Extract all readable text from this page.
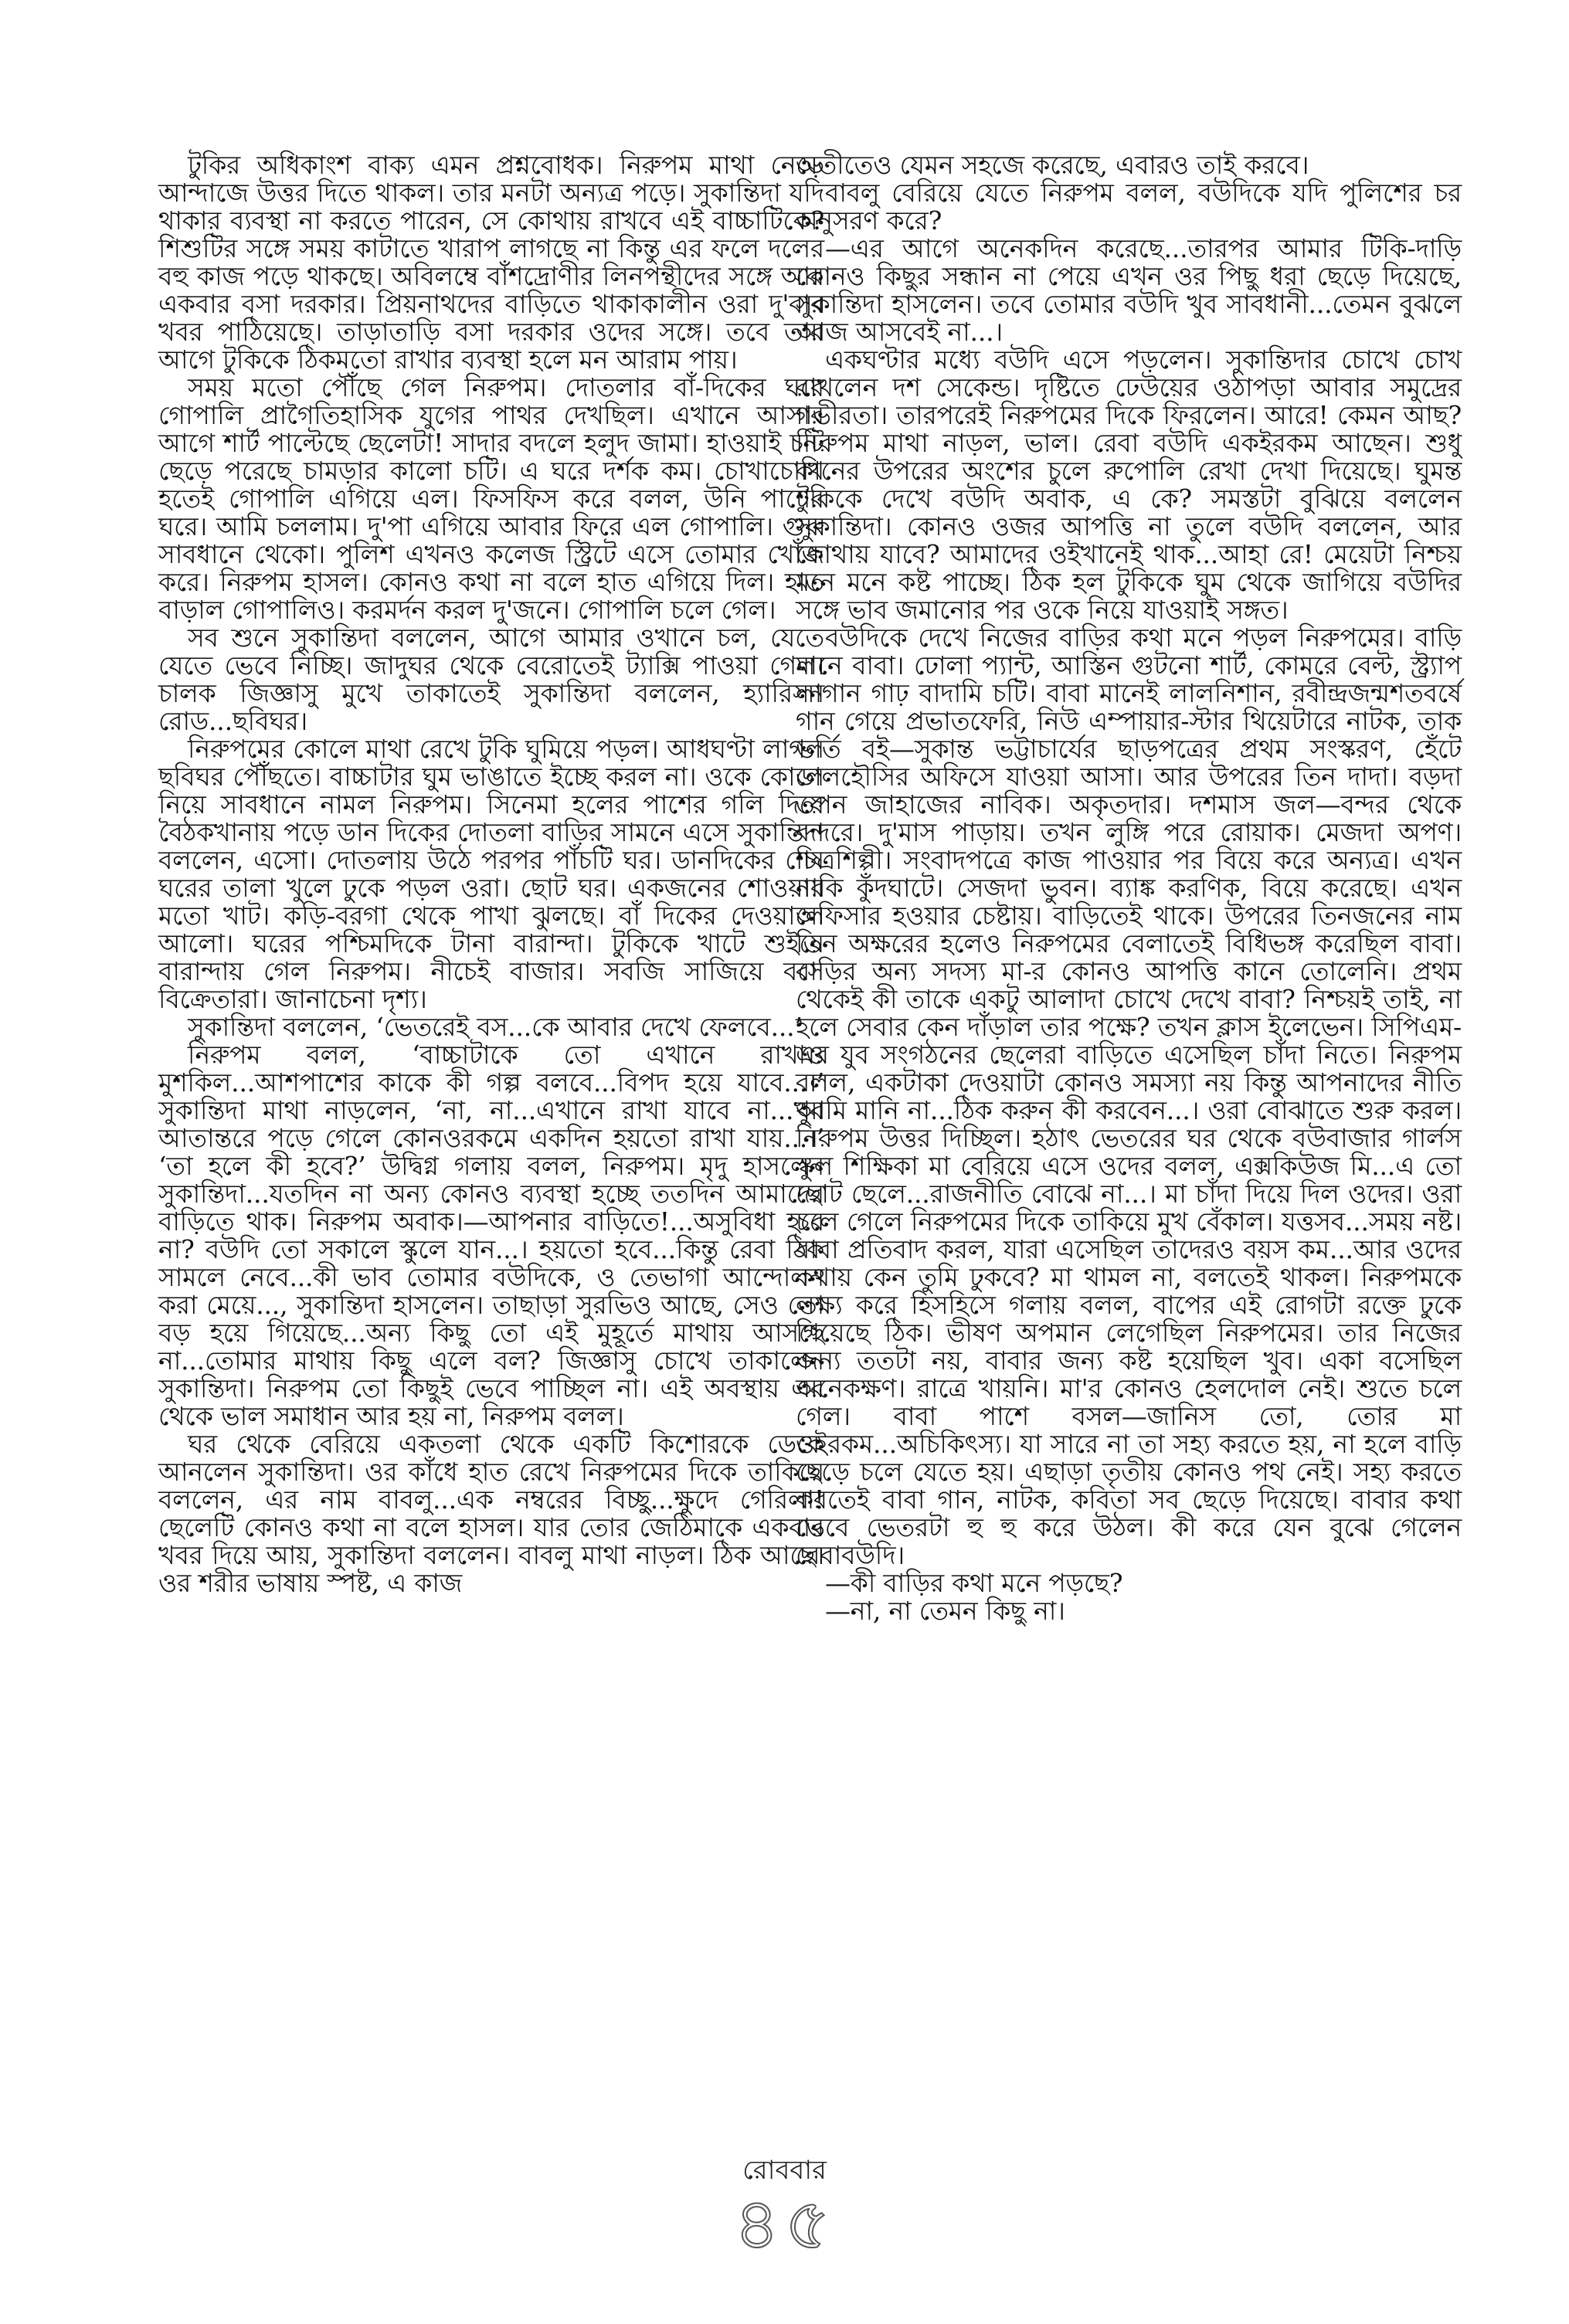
টুকির অধিকাংশ বাক্য এমন প্রশ্নবোধক। নিরুপম মাথা নেড়ে আন্দাজে উত্তর দিতে থাকল। তার মনটা অন্যত্র পড়ে। সুকান্তিদা যদি থাকার ব্যবস্থা না করতে পারেন, সে কোথায় রাখবে এই বাচ্চাটিকে? শিশুটির সঙ্গে সময় কাটাতে খারাপ লাগছে না কিন্তু এর ফলে দলের বহু কাজ পড়ে থাকছে। অবিলম্বে বাঁশদ্রোণীর লিনপন্থীদের সঙ্গে আর একবার বসা দরকার। প্রিয়নাথদের বাড়িতে থাকাকালীন ওরা দু'বার খবর পাঠিয়েছে। তাড়াতাড়ি বসা দরকার ওদের সঙ্গে। তবে তার আগে টুকিকে ঠিকমতো রাখার ব্যবস্থা হলে মন আরাম পায়।

সময় মতো পৌঁছে গেল নিরুপম। দোতলার বাঁ-দিকের ঘরে গোপালি প্রাগৈতিহাসিক যুগের পাথর দেখছিল। এখানে আসার আগে শার্ট পাল্টেছে ছেলেটা! সাদার বদলে হলুদ জামা। হাওয়াই চটি ছেড়ে পরেছে চামড়ার কালো চটি। এ ঘরে দর্শক কম। চোখাচোখি হতেই গোপালি এগিয়ে এল। ফিসফিস করে বলল, উনি পাশের ঘরে। আমি চললাম। দু'পা এগিয়ে আবার ফিরে এল গোপালি। গুরু সাবধানে থেকো। পুলিশ এখনও কলেজ স্ট্রিটে এসে তোমার খোঁজ করে। নিরুপম হাসল। কোনও কথা না বলে হাত এগিয়ে দিল। হাত বাড়াল গোপালিও। করমর্দন করল দু'জনে। গোপালি চলে গেল।

সব শুনে সুকান্তিদা বললেন, আগে আমার ওখানে চল, যেতে যেতে ভেবে নিচ্ছি। জাদুঘর থেকে বেরোতেই ট্যাক্সি পাওয়া গেল। চালক জিজ্ঞাসু মুখে তাকাতেই সুকান্তিদা বললেন, হ্যারিসন রোড...ছবিঘর।

নিরুপমের কোলে মাথা রেখে টুকি ঘুমিয়ে পড়ল। আধঘণ্টা লাগল ছবিঘর পৌঁছতে। বাচ্চাটার ঘুম ভাঙাতে ইচ্ছে করল না। ওকে কোলে নিয়ে সাবধানে নামল নিরুপম। সিনেমা হলের পাশের গলি দিয়ে বৈঠকখানায় পড়ে ডান দিকের দোতলা বাড়ির সামনে এসে সুকান্তিদা বললেন, এসো। দোতলায় উঠে পরপর পাঁচটি ঘর। ডানদিকের শেষ ঘরের তালা খুলে ঢুকে পড়ল ওরা। ছোট ঘর। একজনের শোওয়ার মতো খাট। কড়ি-বরগা থেকে পাখা ঝুলছে। বাঁ দিকের দেওয়ালে আলো। ঘরের পশ্চিমদিকে টানা বারান্দা। টুকিকে খাটে শুইয়ে বারান্দায় গেল নিরুপম। নীচেই বাজার। সবজি সাজিয়ে বসে বিক্রেতারা। জানাচেনা দৃশ্য।

সুকান্তিদা বললেন, ‘ভেতরেই বস...কে আবার দেখে ফেলবে...’

নিরুপম বলল, ‘বাচ্চাটাকে তো এখানে রাখাও মুশকিল...আশপাশের কাকে কী গল্প বলবে...বিপদ হয়ে যাবে...।’ সুকান্তিদা মাথা নাড়লেন, ‘না, না...এখানে রাখা যাবে না...খুব আতান্তরে পড়ে গেলে কোনওরকমে একদিন হয়তো রাখা যায়...।’ ‘তা হলে কী হবে?’ উদ্বিগ্ন গলায় বলল, নিরুপম। মৃদু হাসলেন সুকান্তিদা...যতদিন না অন্য কোনও ব্যবস্থা হচ্ছে ততদিন আমাদের বাড়িতে থাক। নিরুপম অবাক।—আপনার বাড়িতে!...অসুবিধা হবে না? বউদি তো সকালে স্কুলে যান...। হয়তো হবে...কিন্তু রেবা ঠিক সামলে নেবে...কী ভাব তোমার বউদিকে, ও তেভাগা আন্দোলন করা মেয়ে..., সুকান্তিদা হাসলেন। তাছাড়া সুরভিও আছে, সেও তো বড় হয়ে গিয়েছে...অন্য কিছু তো এই মুহূর্তে মাথায় আসছে না...তোমার মাথায় কিছু এলে বল? জিজ্ঞাসু চোখে তাকালেন সুকান্তিদা। নিরুপম তো কিছুই ভেবে পাচ্ছিল না। এই অবস্থায় এর থেকে ভাল সমাধান আর হয় না, নিরুপম বলল।

ঘর থেকে বেরিয়ে একতলা থেকে একটি কিশোরকে ডেকে আনলেন সুকান্তিদা। ওর কাঁধে হাত রেখে নিরুপমের দিকে তাকিয়ে বললেন, এর নাম বাবলু...এক নম্বরের বিচ্ছু...ক্ষুদে গেরিলা! ছেলেটি কোনও কথা না বলে হাসল। যার তোর জেঠিমাকে একবার খবর দিয়ে আয়, সুকান্তিদা বললেন। বাবলু মাথা নাড়ল। ঠিক আছে। ওর শরীর ভাষায় স্পষ্ট, এ কাজ

অতীতেও যেমন সহজে করেছে, এবারও তাই করবে।

বাবলু বেরিয়ে যেতে নিরুপম বলল, বউদিকে যদি পুলিশের চর অনুসরণ করে?

—এর আগে অনেকদিন করেছে...তারপর আমার টিকি-দাড়ি কোনও কিছুর সন্ধান না পেয়ে এখন ওর পিছু ধরা ছেড়ে দিয়েছে, সুকান্তিদা হাসলেন। তবে তোমার বউদি খুব সাবধানী...তেমন বুঝলে আজ আসবেই না...।

একঘণ্টার মধ্যে বউদি এসে পড়লেন। সুকান্তিদার চোখে চোখ রাখলেন দশ সেকেন্ড। দৃষ্টিতে ঢেউয়ের ওঠাপড়া আবার সমুদ্রের গভীরতা। তারপরেই নিরুপমের দিকে ফিরলেন। আরে! কেমন আছ? নিরুপম মাথা নাড়ল, ভাল। রেবা বউদি একইরকম আছেন। শুধু কানের উপরের অংশের চুলে রুপোলি রেখা দেখা দিয়েছে। ঘুমন্ত টুকিকে দেখে বউদি অবাক, এ কে? সমস্তটা বুঝিয়ে বললেন সুকান্তিদা। কোনও ওজর আপত্তি না তুলে বউদি বললেন, আর কোথায় যাবে? আমাদের ওইখানেই থাক...আহা রে! মেয়েটা নিশ্চয় মনে মনে কষ্ট পাচ্ছে। ঠিক হল টুকিকে ঘুম থেকে জাগিয়ে বউদির সঙ্গে ভাব জমানোর পর ওকে নিয়ে যাওয়াই সঙ্গত।

বউদিকে দেখে নিজের বাড়ির কথা মনে পড়ল নিরুপমের। বাড়ি মানে বাবা। ঢোলা প্যান্ট, আস্তিন গুটনো শার্ট, কোমরে বেল্ট, স্ট্র্যাপ লাগান গাঢ় বাদামি চটি। বাবা মানেই লালনিশান, রবীন্দ্রজন্মশতবর্ষে গান গেয়ে প্রভাতফেরি, নিউ এম্পায়ার-স্টার থিয়েটারে নাটক, তাক ভর্তি বই—সুকান্ত ভট্টাচার্যের ছাড়পত্রের প্রথম সংস্করণ, হেঁটে ডালহৌসির অফিসে যাওয়া আসা। আর উপরের তিন দাদা। বড়দা তপন জাহাজের নাবিক। অকৃতদার। দশমাস জল—বন্দর থেকে বন্দরে। দু'মাস পাড়ায়। তখন লুঙ্গি পরে রোয়াক। মেজদা অপণ। চিত্রশিল্পী। সংবাদপত্রে কাজ পাওয়ার পর বিয়ে করে অন্যত্র। এখন নাকি কুঁদঘাটে। সেজদা ভুবন। ব্যাঙ্ক করণিক, বিয়ে করেছে। এখন অফিসার হওয়ার চেষ্টায়। বাড়িতেই থাকে। উপরের তিনজনের নাম তিন অক্ষরের হলেও নিরুপমের বেলাতেই বিধিভঙ্গ করেছিল বাবা। বাড়ির অন্য সদস্য মা-র কোনও আপত্তি কানে তোলেনি। প্রথম থেকেই কী তাকে একটু আলাদা চোখে দেখে বাবা? নিশ্চয়ই তাই, না হলে সেবার কেন দাঁড়াল তার পক্ষে? তখন ক্লাস ইলেভেন। সিপিএম-এর যুব সংগঠনের ছেলেরা বাড়িতে এসেছিল চাঁদা নিতে। নিরুপম বলল, একটাকা দেওয়াটা কোনও সমস্যা নয় কিন্তু আপনাদের নীতি আমি মানি না...ঠিক করুন কী করবেন...। ওরা বোঝাতে শুরু করল। নিরুপম উত্তর দিচ্ছিল। হঠাৎ ভেতরের ঘর থেকে বউবাজার গার্লস স্কুল শিক্ষিকা মা বেরিয়ে এসে ওদের বলল, এক্সকিউজ মি...এ তো ছোট ছেলে...রাজনীতি বোঝে না...। মা চাঁদা দিয়ে দিল ওদের। ওরা চলে গেলে নিরুপমের দিকে তাকিয়ে মুখ বেঁকাল। যত্তসব...সময় নষ্ট। বাবা প্রতিবাদ করল, যারা এসেছিল তাদেরও বয়স কম...আর ওদের কথায় কেন তুমি ঢুকবে? মা থামল না, বলতেই থাকল। নিরুপমকে লক্ষ্য করে হিসহিসে গলায় বলল, বাপের এই রোগটা রক্তে ঢুকে গিয়েছে ঠিক। ভীষণ অপমান লেগেছিল নিরুপমের। তার নিজের জন্য ততটা নয়, বাবার জন্য কষ্ট হয়েছিল খুব। একা বসেছিল অনেকক্ষণ। রাত্রে খায়নি। মা'র কোনও হেলদোল নেই। শুতে চলে গেল। বাবা পাশে বসল—জানিস তো, তোর মা ওইরকম...অচিকিৎস্য। যা সারে না তা সহ্য করতে হয়, না হলে বাড়ি ছেড়ে চলে যেতে হয়। এছাড়া তৃতীয় কোনও পথ নেই। সহ্য করতে করতেই বাবা গান, নাটক, কবিতা সব ছেড়ে দিয়েছে। বাবার কথা ভেবে ভেতরটা হু হু করে উঠল। কী করে যেন বুঝে গেলেন রেবাবউদি।

—কী বাড়ির কথা মনে পড়ছে?

—না, না তেমন কিছু না।

রোববার
৪৫
